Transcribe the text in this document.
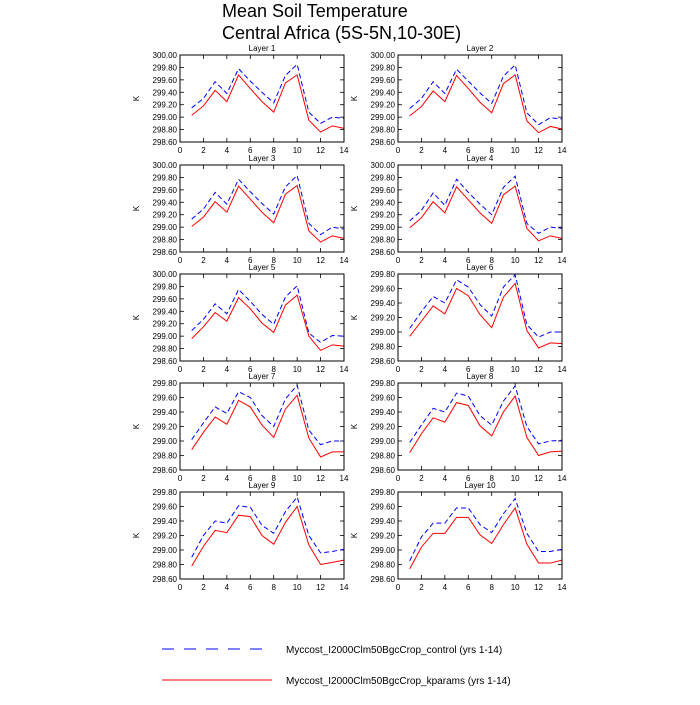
Mean Soil Temperature
Central Africa (5S-5N,10-30E)
Layer 1
298.60
298.80
299.00
299.20
299.40
299.60
299.80
300.00
0 2 4 6 8 10 12 14
K
Layer 2
298.60
298.80
299.00
299.20
299.40
299.60
299.80
300.00
0 2 4 6 8 10 12 14
K
Layer 3
298.60
298.80
299.00
299.20
299.40
299.60
299.80
300.00
0 2 4 6 8 10 12 14
K
Layer 4
298.60
298.80
299.00
299.20
299.40
299.60
299.80
300.00
0 2 4 6 8 10 12 14
K
Layer 5
298.60
298.80
299.00
299.20
299.40
299.60
299.80
300.00
0 2 4 6 8 10 12 14
K
Layer 6
298.60
298.80
299.00
299.20
299.40
299.60
299.80
0 2 4 6 8 10 12 14
K
Layer 7
298.60
298.80
299.00
299.20
299.40
299.60
299.80
0 2 4 6 8 10 12 14
K
Layer 8
298.60
298.80
299.00
299.20
299.40
299.60
299.80
0 2 4 6 8 10 12 14
K
Layer 9
298.60
298.80
299.00
299.20
299.40
299.60
299.80
0 2 4 6 8 10 12 14
K
Layer 10
298.60
298.80
299.00
299.20
299.40
299.60
299.80
0 2 4 6 8 10 12 14
K
Myccost_I2000Clm50BgcCrop_control (yrs 1-14)
Myccost_I2000Clm50BgcCrop_kparams (yrs 1-14)
